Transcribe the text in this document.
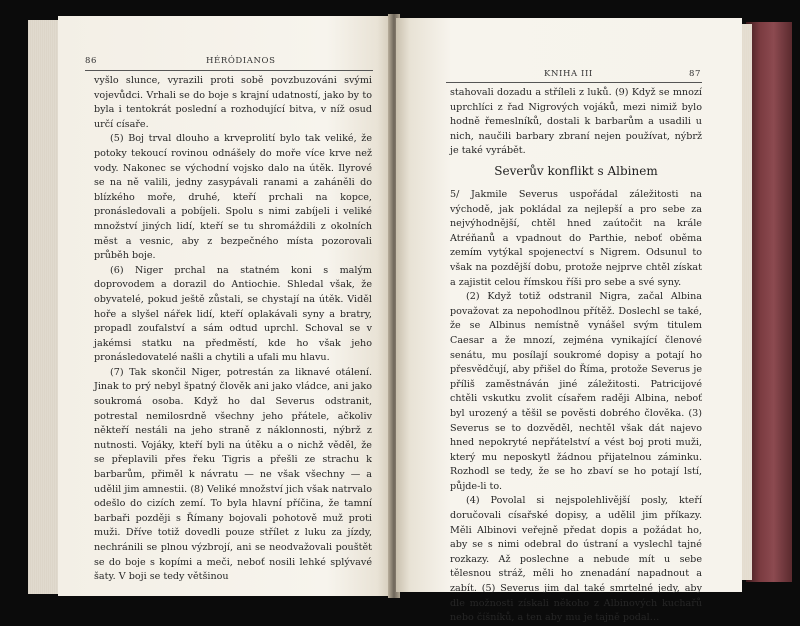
86	HÉRÓDIANOS

vyšlo slunce, vyrazili proti sobě povzbuzováni svými vojevůdci. Vrhali se do boje s krajní udatností, jako by to byla i tentokrát poslední a rozhodující bitva, v níž osud určí císaře.

(5) Boj trval dlouho a krveprolití bylo tak veliké, že potoky tekoucí rovinou odnášely do moře více krve než vody. Nakonec se východní vojsko dalo na útěk. Ilyrové se na ně valili, jedny zasypávali ranami a zaháněli do blízkého moře, druhé, kteří prchali na kopce, pronásledovali a pobíjeli. Spolu s nimi zabíjeli i veliké množství jiných lidí, kteří se tu shromáždili z okolních měst a vesnic, aby z bezpečného místa pozorovali průběh boje.

(6) Niger prchal na statném koni s malým doprovodem a dorazil do Antiochie. Shledal však, že obyvatelé, pokud ještě zůstali, se chystají na útěk. Viděl hoře a slyšel nářek lidí, kteří oplakávali syny a bratry, propadl zoufalství a sám odtud uprchl. Schoval se v jakémsi statku na předměstí, kde ho však jeho pronásledovatelé našli a chytili a ufali mu hlavu.

(7) Tak skončil Niger, potrestán za liknavé otálení. Jinak to prý nebyl špatný člověk ani jako vládce, ani jako soukromá osoba. Když ho dal Severus odstranit, potrestal nemilosrdně všechny jeho přátele, ačkoliv někteří nestáli na jeho straně z náklonnosti, nýbrž z nutnosti. Vojáky, kteří byli na útěku a o nichž věděl, že se přeplavili přes řeku Tigris a přešli ze strachu k barbarům, přiměl k návratu — ne však všechny — a udělil jim amnestii. (8) Veliké množství jich však natrvalo odešlo do cizích zemí. To byla hlavní příčina, že tamní barbaři později s Římany bojovali pohotově muž proti muži. Dříve totiž dovedli pouze střílet z luku za jízdy, nechránili se plnou výzbrojí, ani se neodvažovali pouštět se do boje s kopími a meči, neboť nosili lehké splývavé šaty. V boji se tedy většinou

KNIHA III	87

stahovali dozadu a stříleli z luků. (9) Když se mnozí uprchlíci z řad Nigrových vojáků, mezi nimiž bylo hodně řemeslníků, dostali k barbarům a usadili u nich, naučili barbary zbraní nejen používat, nýbrž je také vyrábět.

Severův konflikt s Albinem

5/ Jakmile Severus uspořádal záležitosti na východě, jak pokládal za nejlepší a pro sebe za nejvýhodnější, chtěl hned zaútočit na krále Atréňanů a vpadnout do Parthie, neboť oběma zemím vytýkal spojenectví s Nigrem. Odsunul to však na pozdější dobu, protože nejprve chtěl získat a zajistit celou římskou říši pro sebe a své syny.

(2) Když totiž odstranil Nigra, začal Albina považovat za nepohodlnou přítěž. Doslechl se také, že se Albinus nemístně vynášel svým titulem Caesar a že mnozí, zejména vynikající členové senátu, mu posílají soukromé dopisy a potají ho přesvědčují, aby přišel do Říma, protože Severus je příliš zaměstnáván jiné záležitosti. Patricijové chtěli vskutku zvolit císařem raději Albina, neboť byl urozený a těšil se pověsti dobrého člověka. (3) Severus se to dozvěděl, nechtěl však dát najevo hned nepokryté nepřátelství a vést boj proti muži, který mu neposkytl žádnou přijatelnou záminku. Rozhodl se tedy, že se ho zbaví se ho potají lstí, půjde-li to.

(4) Povolal si nejspolehlivější posly, kteří doručovali císařské dopisy, a udělil jim příkazy. Měli Albinovi veřejně předat dopis a požádat ho, aby se s nimi odebral do ústraní a vyslechl tajné rozkazy. Až poslechne a nebude mít u sebe tělesnou stráž, měli ho znenadání napadnout a zabít. (5) Severus jim dal také smrtelné jedy, aby dle možnosti získali někoho z Albinových kuchařů nebo číšníků, a ten aby mu je tajně podal…
